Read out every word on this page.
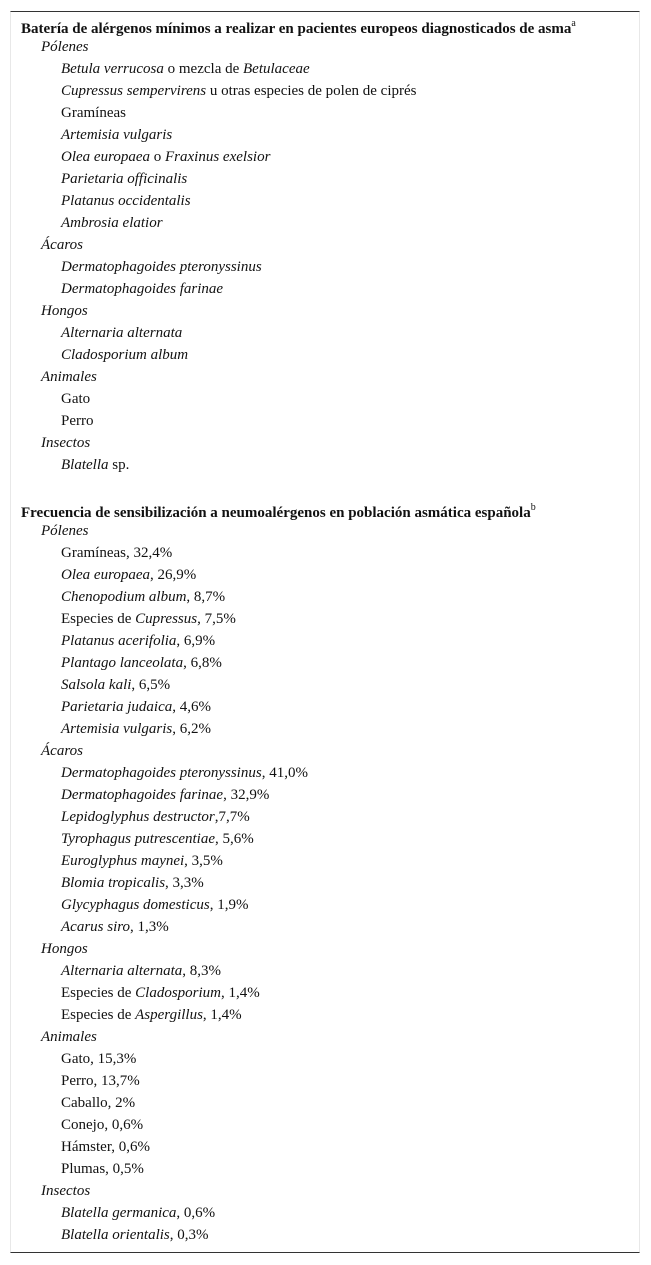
Batería de alérgenos mínimos a realizar en pacientes europeos diagnosticados de asma$^a$
Pólenes
Betula verrucosa o mezcla de Betulaceae
Cupressus sempervirens u otras especies de polen de ciprés
Gramíneas
Artemisia vulgaris
Olea europaea o Fraxinus exelsior
Parietaria officinalis
Platanus occidentalis
Ambrosia elatior
Ácaros
Dermatophagoides pteronyssinus
Dermatophagoides farinae
Hongos
Alternaria alternata
Cladosporium album
Animales
Gato
Perro
Insectos
Blatella sp.
Frecuencia de sensibilización a neumoalérgenos en población asmática española$^b$
Pólenes
Gramíneas, 32,4%
Olea europaea, 26,9%
Chenopodium album, 8,7%
Especies de Cupressus, 7,5%
Platanus acerifolia, 6,9%
Plantago lanceolata, 6,8%
Salsola kali, 6,5%
Parietaria judaica, 4,6%
Artemisia vulgaris, 6,2%
Ácaros
Dermatophagoides pteronyssinus, 41,0%
Dermatophagoides farinae, 32,9%
Lepidoglyphus destructor,7,7%
Tyrophagus putrescentiae, 5,6%
Euroglyphus maynei, 3,5%
Blomia tropicalis, 3,3%
Glycyphagus domesticus, 1,9%
Acarus siro, 1,3%
Hongos
Alternaria alternata, 8,3%
Especies de Cladosporium, 1,4%
Especies de Aspergillus, 1,4%
Animales
Gato, 15,3%
Perro, 13,7%
Caballo, 2%
Conejo, 0,6%
Hámster, 0,6%
Plumas, 0,5%
Insectos
Blatella germanica, 0,6%
Blatella orientalis, 0,3%
